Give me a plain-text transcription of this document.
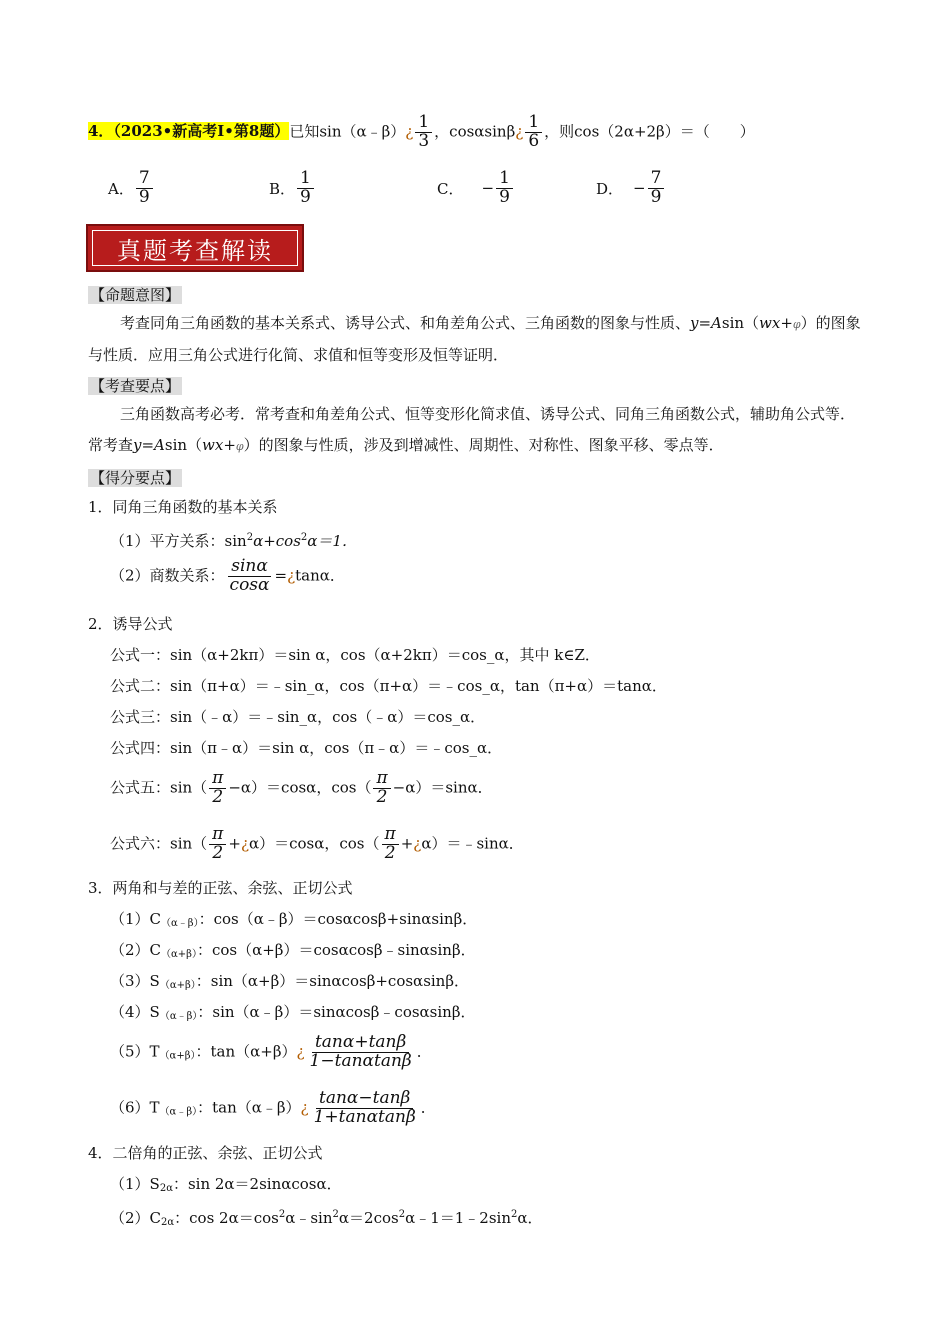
4．（2023•新高考Ⅰ•第8题）已知sin（α﹣β）¿ $\frac{1}{3}$ ，cosαsinβ¿ $\frac{1}{6}$ ，则cos（2α+2β）＝（　　）
A． $\frac{7}{9}$	B． $\frac{1}{9}$	C． − $\frac{1}{9}$	D． − $\frac{7}{9}$
真题考查解读
【命题意图】
考查同角三角函数的基本关系式、诱导公式、和角差角公式、三角函数的图象与性质、y=Asin（wx+𝜑）的图象与性质．应用三角公式进行化简、求值和恒等变形及恒等证明．
【考查要点】
三角函数高考必考．常考查和角差角公式、恒等变形化简求值、诱导公式、同角三角函数公式，辅助角公式等．常考查y=Asin（wx+𝜑）的图象与性质，涉及到增减性、周期性、对称性、图象平移、零点等．
【得分要点】
1．同角三角函数的基本关系
（1）平方关系：$\sin^2\alpha+\cos^2\alpha=1$．
（2）商数关系： $\frac{\sin\alpha}{\cos\alpha}$ =¿tanα．
2．诱导公式
公式一：sin（α+2kπ）＝sin α，cos（α+2kπ）＝cos_α，其中 k∈Z．
公式二：sin（π+α）＝﹣sin_α，cos（π+α）＝﹣cos_α，tan（π+α）＝tanα．
公式三：sin（﹣α）＝﹣sin_α，cos（﹣α）＝cos_α．
公式四：sin（π﹣α）＝sin α，cos（π﹣α）＝﹣cos_α．
公式五：$\sin( \frac{\pi}{2} -\alpha)=\cos\alpha$，$\cos( \frac{\pi}{2} -\alpha)=\sin\alpha$．
公式六：$\sin( \frac{\pi}{2}$ +¿α）＝cosα，$\cos( \frac{\pi}{2}$ +¿α）＝﹣sinα．
3．两角和与差的正弦、余弦、正切公式
$(1)C_{(\alpha﹣\beta)}$：cos（α﹣β）＝cosαcosβ+sinαsinβ．
$(2)C_{(\alpha+\beta)}$：cos（α+β）＝cosαcosβ﹣sinαsinβ．
$(3)S_{(\alpha+\beta)}$：sin（α+β）＝sinαcosβ+cosαsinβ．
$(4)S_{(\alpha﹣\beta)}$：sin（α﹣β）＝sinαcosβ﹣cosαsinβ．
$(5)T_{(\alpha+\beta)}$：tan（α+β）¿ $\frac{\tan\alpha+\tan\beta}{1-\tan\alpha\tan\beta}$ ．
$(6)T_{(\alpha﹣\beta)}$：tan（α﹣β）¿ $\frac{\tan\alpha-\tan\beta}{1+\tan\alpha\tan\beta}$ ．
4．二倍角的正弦、余弦、正切公式
$(1)S_{2\alpha}$：sin 2α＝2sinαcosα．
$(2)C_{2\alpha}$：$\cos 2\alpha=\cos^2\alpha﹣\sin^2\alpha=2\cos^2\alpha﹣1=1﹣2\sin^2\alpha$．
